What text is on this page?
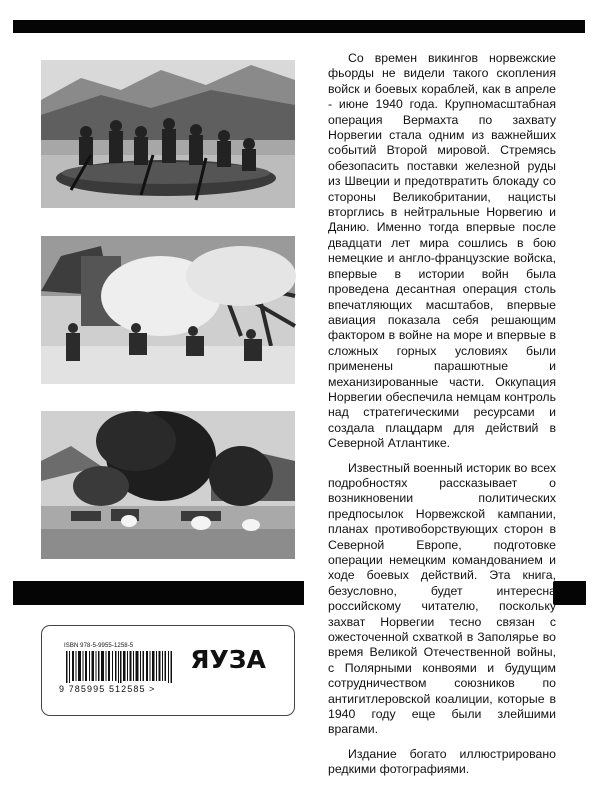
ISBN 978-5-9955-1258-5
9 785995 512585 >
ЯУЗА

Со времен викингов норвежские фьорды не видели такого скопления войск и боевых кораблей, как в апреле - июне 1940 года. Крупномасштабная операция Вермахта по захвату Норвегии стала одним из важнейших событий Второй мировой. Стремясь обезопасить поставки железной руды из Швеции и предотвратить блокаду со стороны Великобритании, нацисты вторглись в нейтральные Норвегию и Данию. Именно тогда впервые после двадцати лет мира сошлись в бою немецкие и англо-французские войска, впервые в истории войн была проведена десантная операция столь впечатляющих масштабов, впервые авиация показала себя решающим фактором в войне на море и впервые в сложных горных условиях были применены парашютные и механизированные части. Оккупация Норвегии обеспечила немцам контроль над стратегическими ресурсами и создала плацдарм для действий в Северной Атлантике.

Известный военный историк во всех подробностях рассказывает о возникновении политических предпосылок Норвежской кампании, планах противоборствующих сторон в Северной Европе, подготовке операции немецким командованием и ходе боевых действий. Эта книга, безусловно, будет интересна российскому читателю, поскольку захват Норвегии тесно связан с ожесточенной схваткой в Заполярье во время Великой Отечественной войны, с Полярными конвоями и будущим сотрудничеством союзников по антигитлеровской коалиции, которые в 1940 году еще были злейшими врагами.

Издание богато иллюстрировано редкими фотографиями.
